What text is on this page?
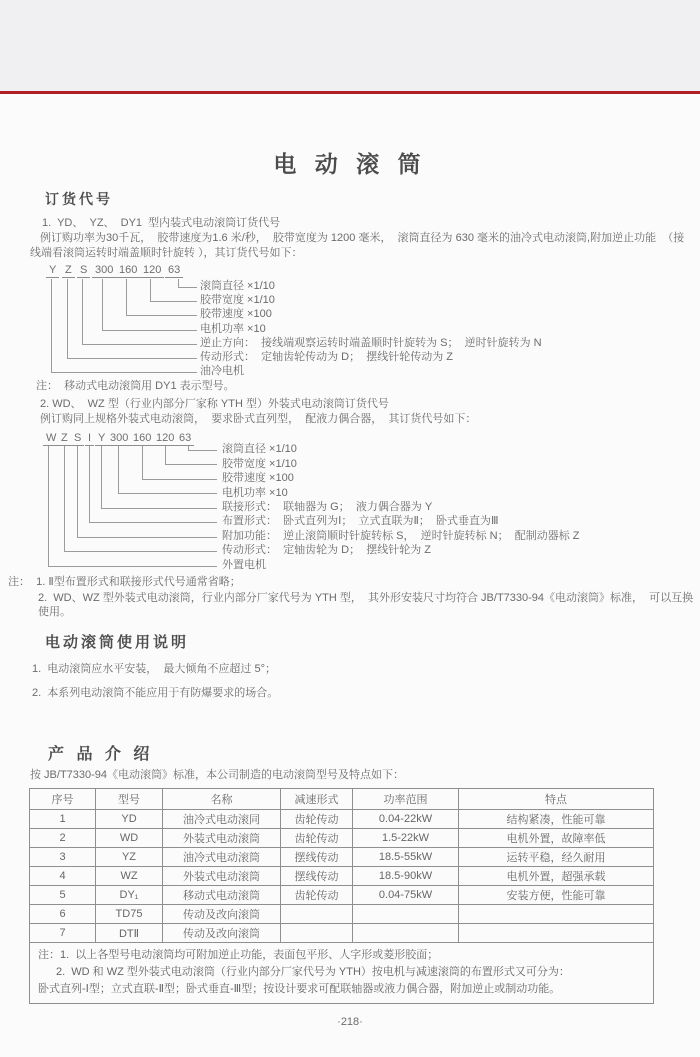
电 动 滚 筒
订货代号
1.  YD、  YZ、  DY1  型内装式电动滚筒订货代号
例订购功率为30千瓦，  胶带速度为1.6 米/秒，  胶带宽度为 1200 毫米，  滚筒直径为 630 毫米的油冷式电动滚筒,附加逆止功能  （接
线端看滚筒运转时端盖顺时针旋转 ），其订货代号如下：
Y Z S 300 160 120 63
滚筒直径 ×1/10
胶带宽度 ×1/10
胶带速度 ×100
电机功率 ×10
逆止方向：  接线端观察运转时端盖顺时针旋转为 S；  逆时针旋转为 N
传动形式：  定轴齿轮传动为 D；  摆线针轮传动为 Z
油冷电机
注：  移动式电动滚筒用 DY1 表示型号。
2. WD、  WZ 型（行业内部分厂家称 YTH 型）外装式电动滚筒订货代号
例订购同上规格外装式电动滚筒，  要求卧式直列型，  配液力偶合器，  其订货代号如下：
W Z S I Y 300 160 120 63
滚筒直径 ×1/10
胶带宽度 ×1/10
胶带速度 ×100
电机功率 ×10
联接形式：  联轴器为 G；  液力偶合器为 Y
布置形式：  卧式直列为Ⅰ；  立式直联为Ⅱ；  卧式垂直为Ⅲ
附加功能：  逆止滚筒顺时针旋转标 S，  逆时针旋转标 N；  配制动器标 Z
传动形式：  定轴齿轮为 D；  摆线针轮为 Z
外置电机
注：  1. Ⅱ型布置形式和联接形式代号通常省略；
2.  WD、WZ 型外装式电动滚筒，行业内部分厂家代号为 YTH 型，  其外形安装尺寸均符合 JB/T7330-94《电动滚筒》标准，  可以互换使用。
电动滚筒使用说明
1.  电动滚筒应水平安装，  最大倾角不应超过 5°；
2.  本系列电动滚筒不能应用于有防爆要求的场合。
产 品 介 绍
按 JB/T7330-94《电动滚筒》标准，本公司制造的电动滚筒型号及特点如下：
序号	型号	名称	减速形式	功率范围	特点
1	YD	油冷式电动滚同	齿轮传动	0.04-22kW	结构紧凑，性能可靠
2	WD	外装式电动滚筒	齿轮传动	1.5-22kW	电机外置，故障率低
3	YZ	油冷式电动滚筒	摆线传动	18.5-55kW	运转平稳，经久耐用
4	WZ	外装式电动滚筒	摆线传动	18.5-90kW	电机外置，超强承载
5	DY₁	移动式电动滚筒	齿轮传动	0.04-75kW	安装方便，性能可靠
6	TD75	传动及改向滚筒			
7	DTⅡ	传动及改向滚筒			

注：1.  以上各型号电动滚筒均可附加逆止功能，表面包平形、人字形或菱形胶面；
2.  WD 和 WZ 型外装式电动滚筒（行业内部分厂家代号为 YTH）按电机与减速滚筒的布置形式又可分为：
卧式直列-Ⅰ型；立式直联-Ⅱ型；卧式垂直-Ⅲ型；按设计要求可配联轴器或液力偶合器，附加逆止或制动功能。					
·218·
